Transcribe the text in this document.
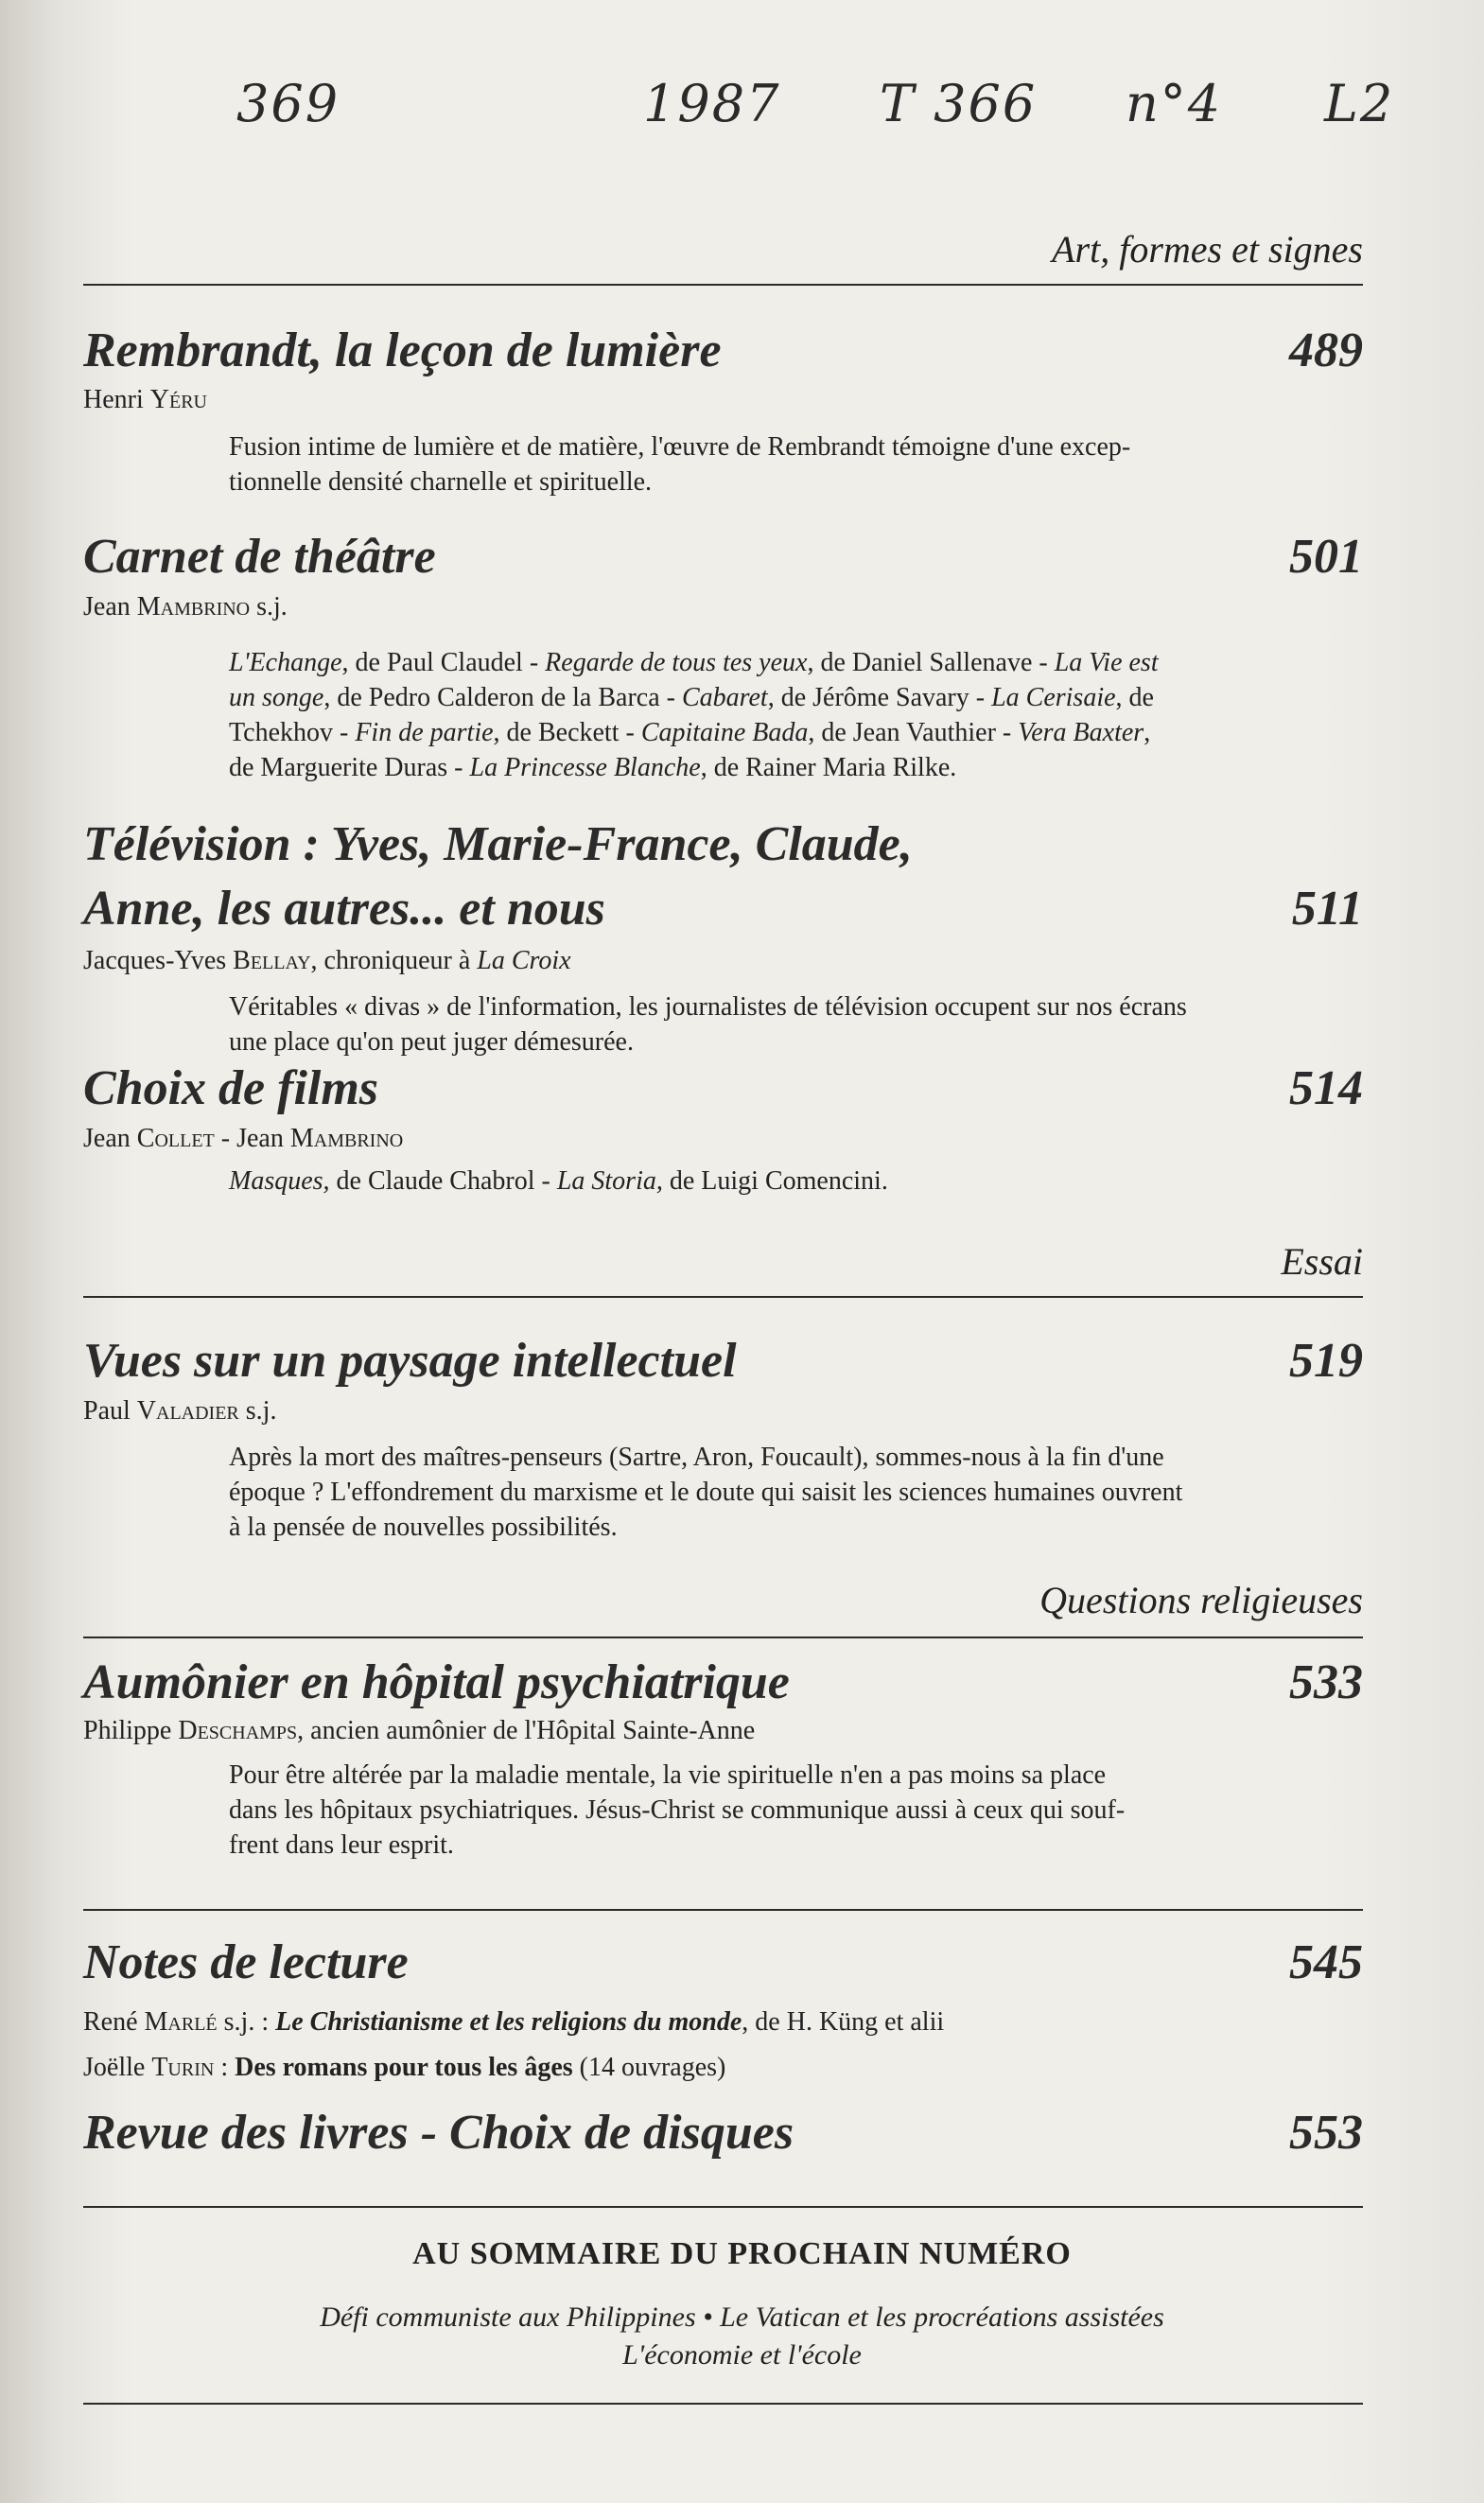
369	1987 T 366 n°4 L2
Art, formes et signes
Rembrandt, la leçon de lumière	489
Henri Yéru
Fusion intime de lumière et de matière, l'œuvre de Rembrandt témoigne d'une excep-
tionnelle densité charnelle et spirituelle.
Carnet de théâtre	501
Jean Mambrino s.j.
L'Echange, de Paul Claudel - Regarde de tous tes yeux, de Daniel Sallenave - La Vie est
un songe, de Pedro Calderon de la Barca - Cabaret, de Jérôme Savary - La Cerisaie, de
Tchekhov - Fin de partie, de Beckett - Capitaine Bada, de Jean Vauthier - Vera Baxter,
de Marguerite Duras - La Princesse Blanche, de Rainer Maria Rilke.
Télévision : Yves, Marie-France, Claude,
Anne, les autres... et nous	511
Jacques-Yves Bellay, chroniqueur à La Croix
Véritables « divas » de l'information, les journalistes de télévision occupent sur nos écrans
une place qu'on peut juger démesurée.
Choix de films	514
Jean Collet - Jean Mambrino
Masques, de Claude Chabrol - La Storia, de Luigi Comencini.
Essai
Vues sur un paysage intellectuel	519
Paul Valadier s.j.
Après la mort des maîtres-penseurs (Sartre, Aron, Foucault), sommes-nous à la fin d'une
époque ? L'effondrement du marxisme et le doute qui saisit les sciences humaines ouvrent
à la pensée de nouvelles possibilités.
Questions religieuses
Aumônier en hôpital psychiatrique	533
Philippe Deschamps, ancien aumônier de l'Hôpital Sainte-Anne
Pour être altérée par la maladie mentale, la vie spirituelle n'en a pas moins sa place
dans les hôpitaux psychiatriques. Jésus-Christ se communique aussi à ceux qui souf-
frent dans leur esprit.
Notes de lecture	545
René Marlé s.j. : Le Christianisme et les religions du monde, de H. Küng et alii
Joëlle Turin : Des romans pour tous les âges (14 ouvrages)
Revue des livres - Choix de disques	553
AU SOMMAIRE DU PROCHAIN NUMÉRO
Défi communiste aux Philippines • Le Vatican et les procréations assistées
L'économie et l'école
